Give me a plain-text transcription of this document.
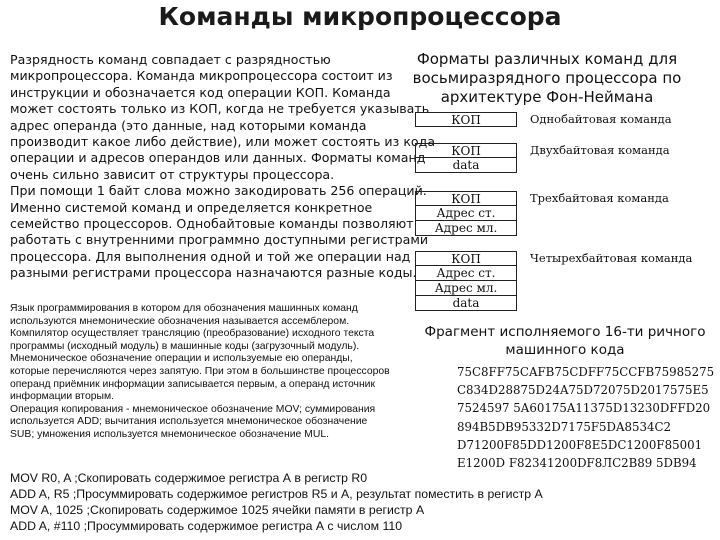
Команды микропроцессора
Разрядность команд совпадает с разрядностью
микропроцессора. Команда микропроцессора состоит из
инструкции и обозначается код операции КОП. Команда
может состоять только из КОП, когда не требуется указывать
адрес операнда (это данные, над которыми команда
производит какое либо действие), или может состоять из кода
операции и адресов операндов или данных. Форматы команд
очень сильно зависит от структуры процессора.
При помощи 1 байт слова можно закодировать 256 операций.
Именно системой команд и определяется конкретное
семейство процессоров. Однобайтовые команды позволяют
работать с внутренними программно доступными регистрами
процессора. Для выполнения одной и той же операции над
разными регистрами процессора назначаются разные коды.
Язык программирования в котором для обозначения машинных команд
используются мнемонические обозначения называется ассемблером.
Компилятор осуществляет трансляцию (преобразование) исходного текста
программы (исходный модуль) в машинные коды (загрузочный модуль).
Мнемоническое обозначение операции и используемые ею операнды,
которые перечисляются через запятую. При этом в большинстве процессоров
операнд приёмник информации записывается первым, а операнд источник
информации вторым.
Операция копирования - мнемоническое обозначение MOV; суммирования
используется ADD; вычитания используется мнемоническое обозначение
SUB; умножения используется мнемоническое обозначение MUL.
Форматы различных команд для
восьмиразрядного процессора по
архитектуре Фон-Неймана
КОП	Однобайтовая команда
КОП
data
Двухбайтовая команда
КОП
Адрес ст.
Адрес мл.
Трехбайтовая команда
КОП
Адрес ст.
Адрес мл.
data
Четырехбайтовая команда
Фрагмент исполняемого 16-ти ричного
машинного кода
75C8FF75CAFB75CDFF75CCFB75985275
C834D28875D24A75D72075D2017575E5
7524597 5A60175A11375D13230DFFD20
894B5DB95332D7175F5DA8534C2
D71200F85DD1200F8E5DC1200F85001
E1200D F82341200DF8ЛС2B89 5DB94
MOV R0, A ;Скопировать содержимое регистра А в регистр R0
ADD A, R5 ;Просуммировать содержимое регистров R5 и А, результат поместить в регистр А
MOV A, 1025 ;Скопировать содержимое 1025 ячейки памяти в регистр А
ADD A, #110 ;Просуммировать содержимое регистра А с числом 110
